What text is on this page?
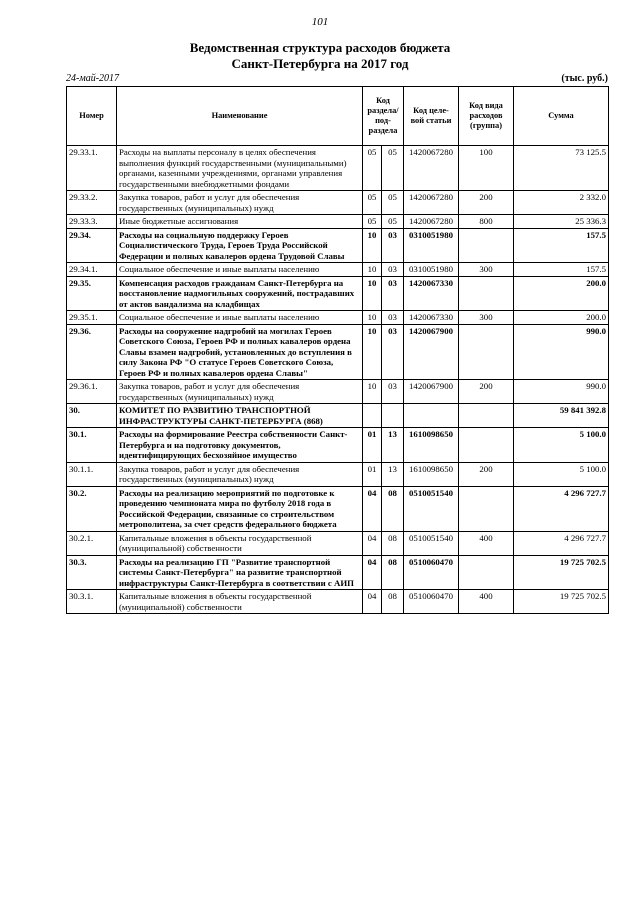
101
Ведомственная структура расходов бюджета
Санкт-Петербурга на 2017 год
24-май-2017	(тыс. руб.)
Номер	Наименование	Код раздела/ под- раздела		Код целе- вой статьи	Код вида расходов (группа)	Сумма
29.33.1.	Расходы на выплаты персоналу в целях обеспечения выполнения функций государственными (муниципальными) органами, казенными учреждениями, органами управления государственными внебюджетными фондами	05	05	1420067280	100	73 125.5
29.33.2.	Закупка товаров, работ и услуг для обеспечения государственных (муниципальных) нужд	05	05	1420067280	200	2 332.0
29.33.3.	Иные бюджетные ассигнования	05	05	1420067280	800	25 336.3
29.34.	Расходы на социальную поддержку Героев Социалистического Труда, Героев Труда Российской Федерации и полных кавалеров ордена Трудовой Славы	10	03	0310051980		157.5
29.34.1.	Социальное обеспечение и иные выплаты населению	10	03	0310051980	300	157.5
29.35.	Компенсация расходов гражданам Санкт-Петербурга на восстановление надмогильных сооружений, пострадавших от актов вандализма на кладбищах	10	03	1420067330		200.0
29.35.1.	Социальное обеспечение и иные выплаты населению	10	03	1420067330	300	200.0
29.36.	Расходы на сооружение надгробий на могилах Героев Советского Союза, Героев РФ и полных кавалеров ордена Славы взамен надгробий, установленных до вступления в силу Закона РФ "О статусе Героев Советского Союза, Героев РФ и полных кавалеров ордена Славы"	10	03	1420067900		990.0
29.36.1.	Закупка товаров, работ и услуг для обеспечения государственных (муниципальных) нужд	10	03	1420067900	200	990.0
30.	КОМИТЕТ ПО РАЗВИТИЮ ТРАНСПОРТНОЙ ИНФРАСТРУКТУРЫ САНКТ-ПЕТЕРБУРГА (868)					59 841 392.8
30.1.	Расходы на формирование Реестра собственности Санкт-Петербурга и на подготовку документов, идентифицирующих бесхозяйное имущество	01	13	1610098650		5 100.0
30.1.1.	Закупка товаров, работ и услуг для обеспечения государственных (муниципальных) нужд	01	13	1610098650	200	5 100.0
30.2.	Расходы на реализацию мероприятий по подготовке к проведению чемпионата мира по футболу 2018 года в Российской Федерации, связанные со строительством метрополитена, за счет средств федерального бюджета	04	08	0510051540		4 296 727.7
30.2.1.	Капитальные вложения в объекты государственной (муниципальной) собственности	04	08	0510051540	400	4 296 727.7
30.3.	Расходы на реализацию ГП "Развитие транспортной системы Санкт-Петербурга" на развитие транспортной инфраструктуры Санкт-Петербурга в соответствии с АИП	04	08	0510060470		19 725 702.5
30.3.1.	Капитальные вложения в объекты государственной (муниципальной) собственности	04	08	0510060470	400	19 725 702.5
